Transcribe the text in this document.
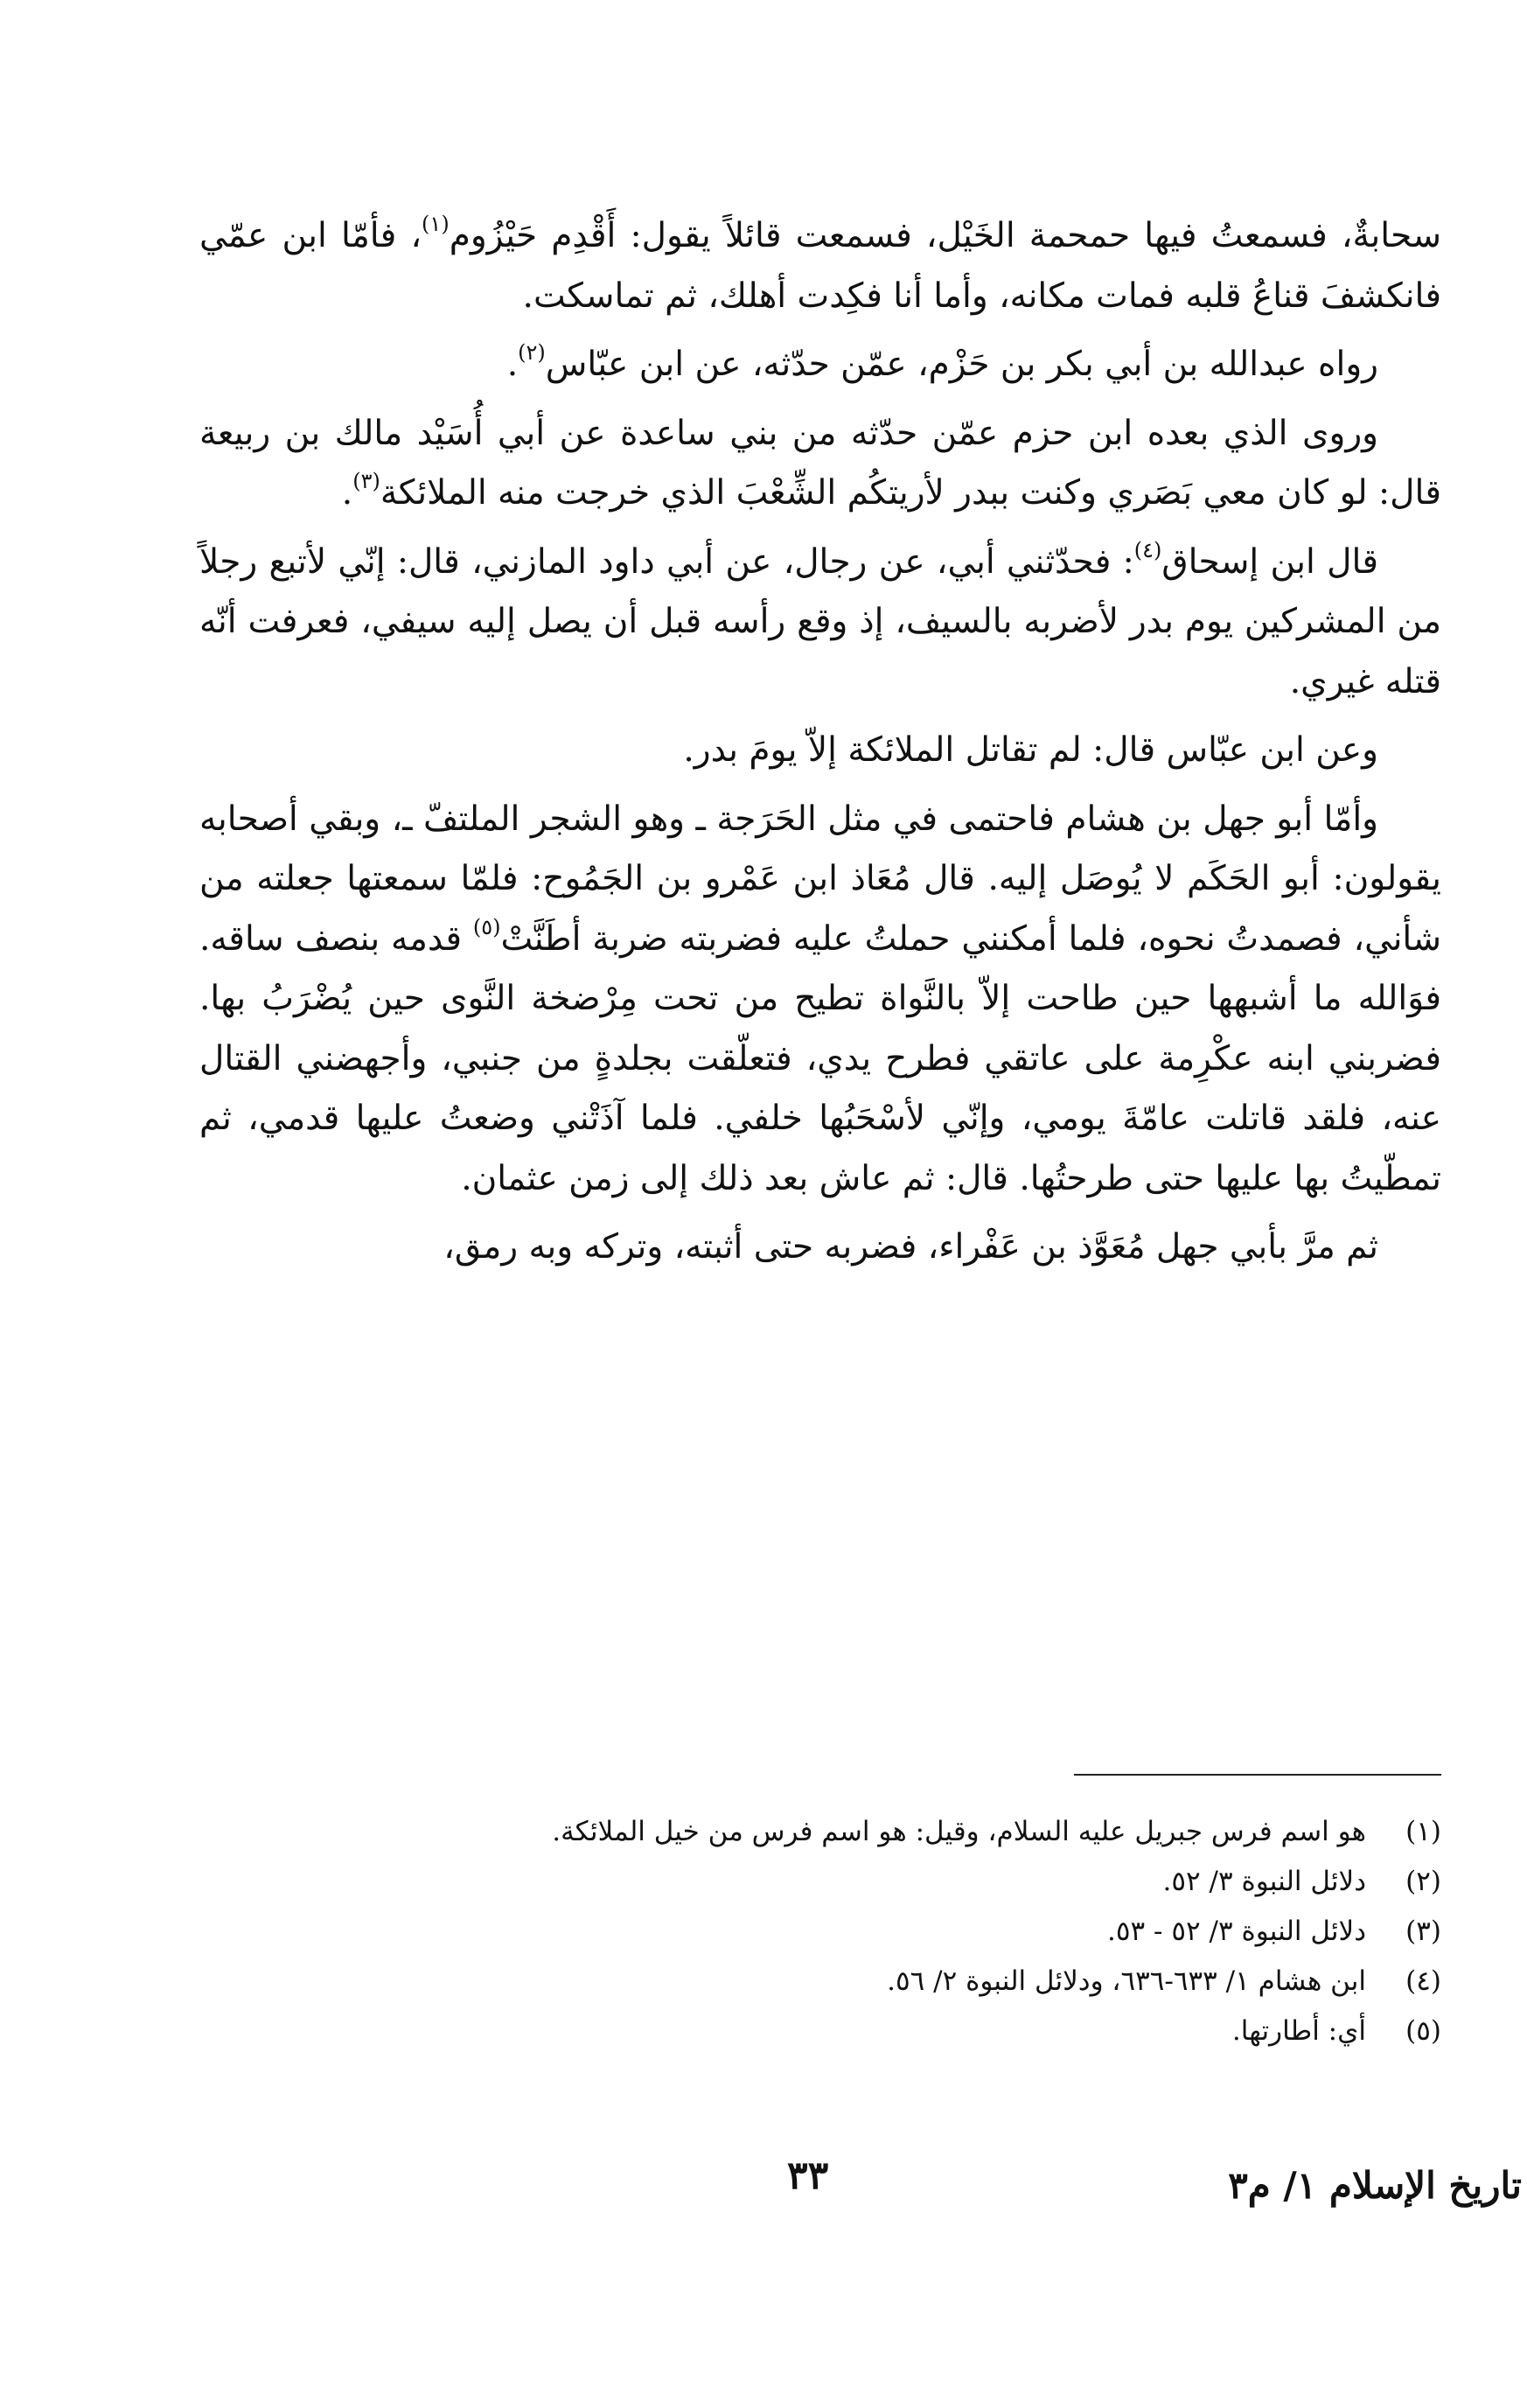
سحابةٌ، فسمعتُ فيها حمحمة الخَيْل، فسمعت قائلاً يقول: أَقْدِم حَيْزُوم$^{(١)}$، فأمّا ابن عمّي فانكشفَ قناعُ قلبه فمات مكانه، وأما أنا فكِدت أهلك، ثم تماسكت.

رواه عبدالله بن أبي بكر بن حَزْم، عمّن حدّثه، عن ابن عبّاس$^{(٢)}$.

وروى الذي بعده ابن حزم عمّن حدّثه من بني ساعدة عن أبي أُسَيْد مالك بن ربيعة قال: لو كان معي بَصَري وكنت ببدر لأريتكُم الشِّعْبَ الذي خرجت منه الملائكة$^{(٣)}$.

قال ابن إسحاق$^{(٤)}$: فحدّثني أبي، عن رجال، عن أبي داود المازني، قال: إنّي لأتبع رجلاً من المشركين يوم بدر لأضربه بالسيف، إذ وقع رأسه قبل أن يصل إليه سيفي، فعرفت أنّه قتله غيري.

وعن ابن عبّاس قال: لم تقاتل الملائكة إلاّ يومَ بدر.

وأمّا أبو جهل بن هشام فاحتمى في مثل الحَرَجة ـ وهو الشجر الملتفّ ـ، وبقي أصحابه يقولون: أبو الحَكَم لا يُوصَل إليه. قال مُعَاذ ابن عَمْرو بن الجَمُوح: فلمّا سمعتها جعلته من شأني، فصمدتُ نحوه، فلما أمكنني حملتُ عليه فضربته ضربة أطَنَّتْ$^{(٥)}$ قدمه بنصف ساقه. فوَالله ما أشبهها حين طاحت إلاّ بالنَّواة تطيح من تحت مِرْضخة النَّوى حين يُضْرَبُ بها. فضربني ابنه عكْرِمة على عاتقي فطرح يدي، فتعلّقت بجلدةٍ من جنبي، وأجهضني القتال عنه، فلقد قاتلت عامّةَ يومي، وإنّي لأسْحَبُها خلفي. فلما آذَتْني وضعتُ عليها قدمي، ثم تمطّيتُ بها عليها حتى طرحتُها. قال: ثم عاش بعد ذلك إلى زمن عثمان.

ثم مرَّ بأبي جهل مُعَوَّذ بن عَفْراء، فضربه حتى أثبته، وتركه وبه رمق،

(١)
هو اسم فرس جبريل عليه السلام، وقيل: هو اسم فرس من خيل الملائكة.
(٢)
دلائل النبوة ٣/ ٥٢.
(٣)
دلائل النبوة ٣/ ٥٢ - ٥٣.
(٤)
ابن هشام ١/ ٦٣٣-٦٣٦، ودلائل النبوة ٢/ ٥٦.
(٥)
أي: أطارتها.
٣٣	تاريخ الإسلام ١/ م٣
